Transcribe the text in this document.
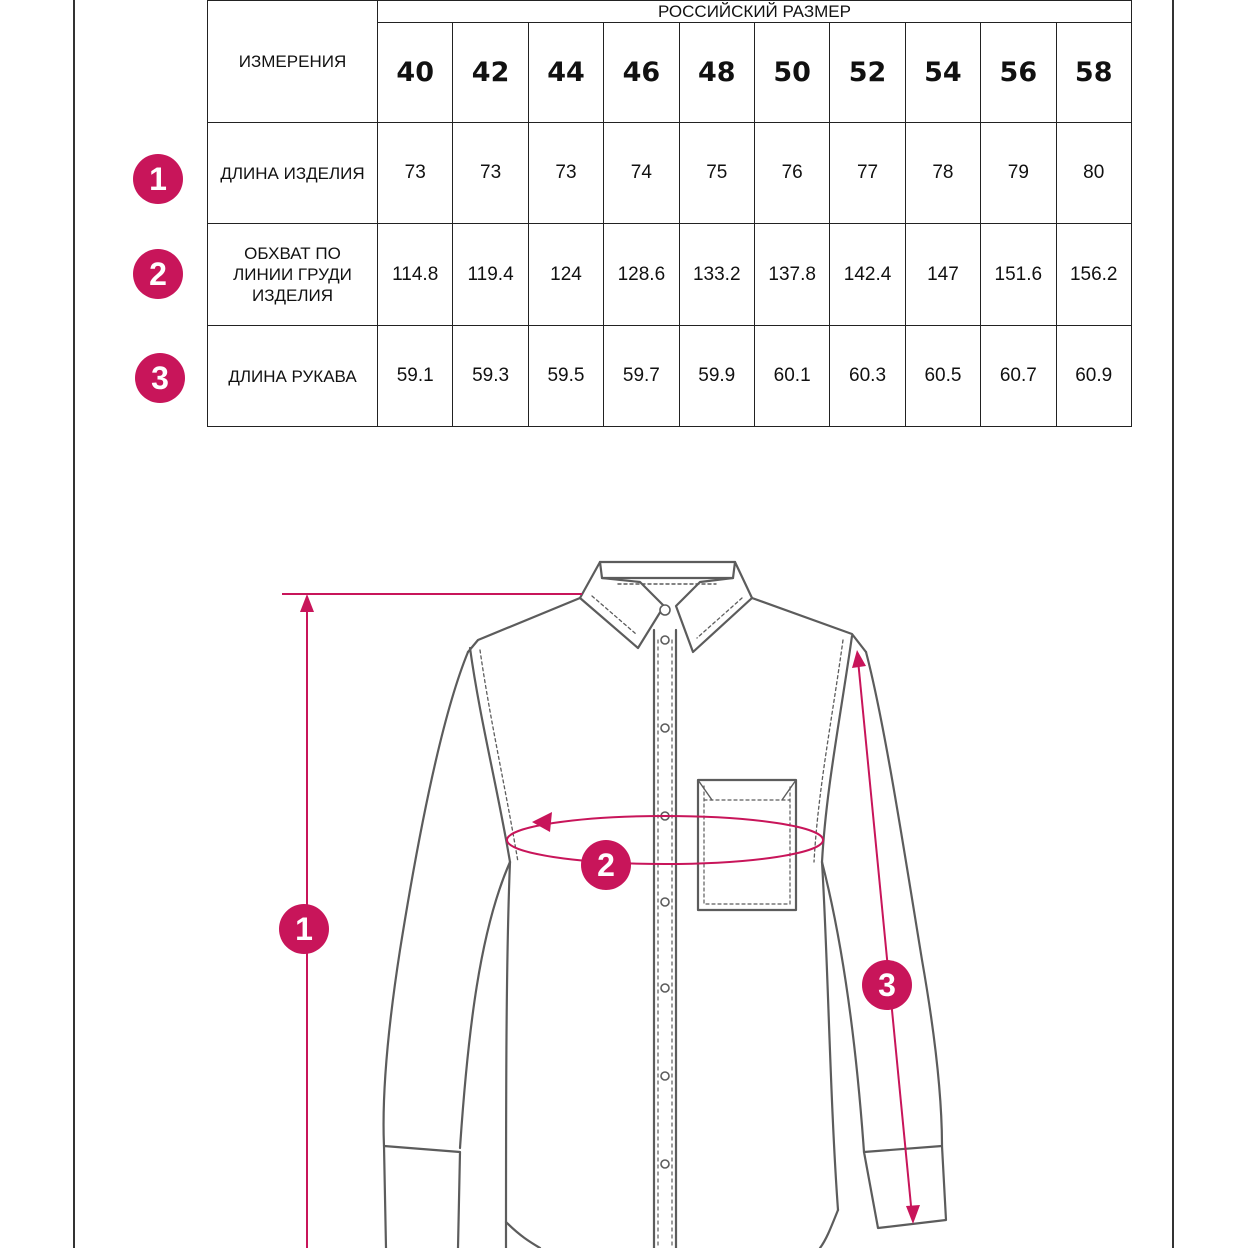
ИЗМЕРЕНИЯ	РОССИЙСКИЙ РАЗМЕР									
	40	42	44	46	48	50	52	54	56	58
ДЛИНА ИЗДЕЛИЯ	73	73	73	74	75	76	77	78	79	80
ОБХВАТ ПО ЛИНИИ ГРУДИ ИЗДЕЛИЯ	114.8	119.4	124	128.6	133.2	137.8	142.4	147	151.6	156.2
ДЛИНА РУКАВА	59.1	59.3	59.5	59.7	59.9	60.1	60.3	60.5	60.7	60.9
1
2
3
1
2
3
